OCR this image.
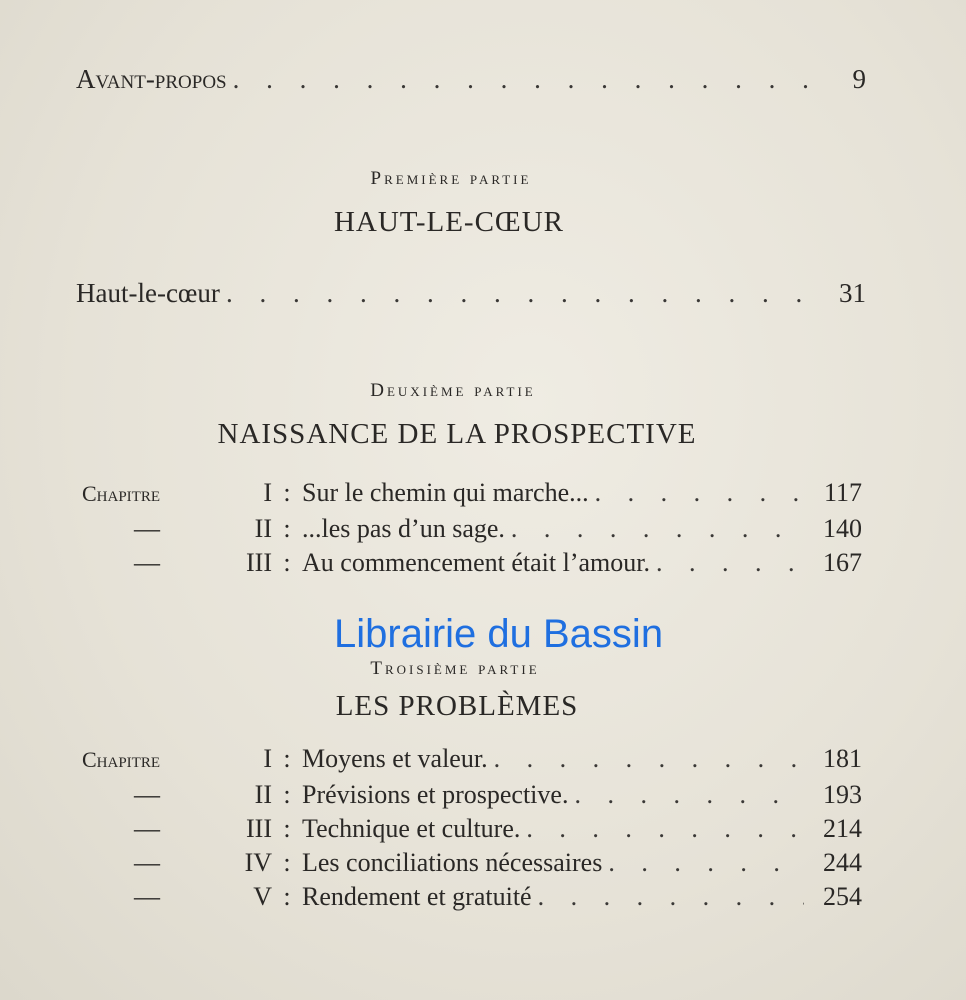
Avant-propos . . .	9
Première partie
HAUT-LE-CŒUR
Haut-le-cœur . . .	31
Deuxième partie
NAISSANCE DE LA PROSPECTIVE
Chapitre	I : Sur le chemin qui marche... . . .	117
—	II : ...les pas d’un sage. . . .	140
—	III : Au commencement était l’amour. . . .	167
Troisième partie
LES PROBLÈMES
Chapitre	I : Moyens et valeur. . . .	181
—	II : Prévisions et prospective. . . .	193
—	III : Technique et culture. . . .	214
—	IV : Les conciliations nécessaires . . .	244
—	V : Rendement et gratuité . . .	254
Librairie du Bassin
